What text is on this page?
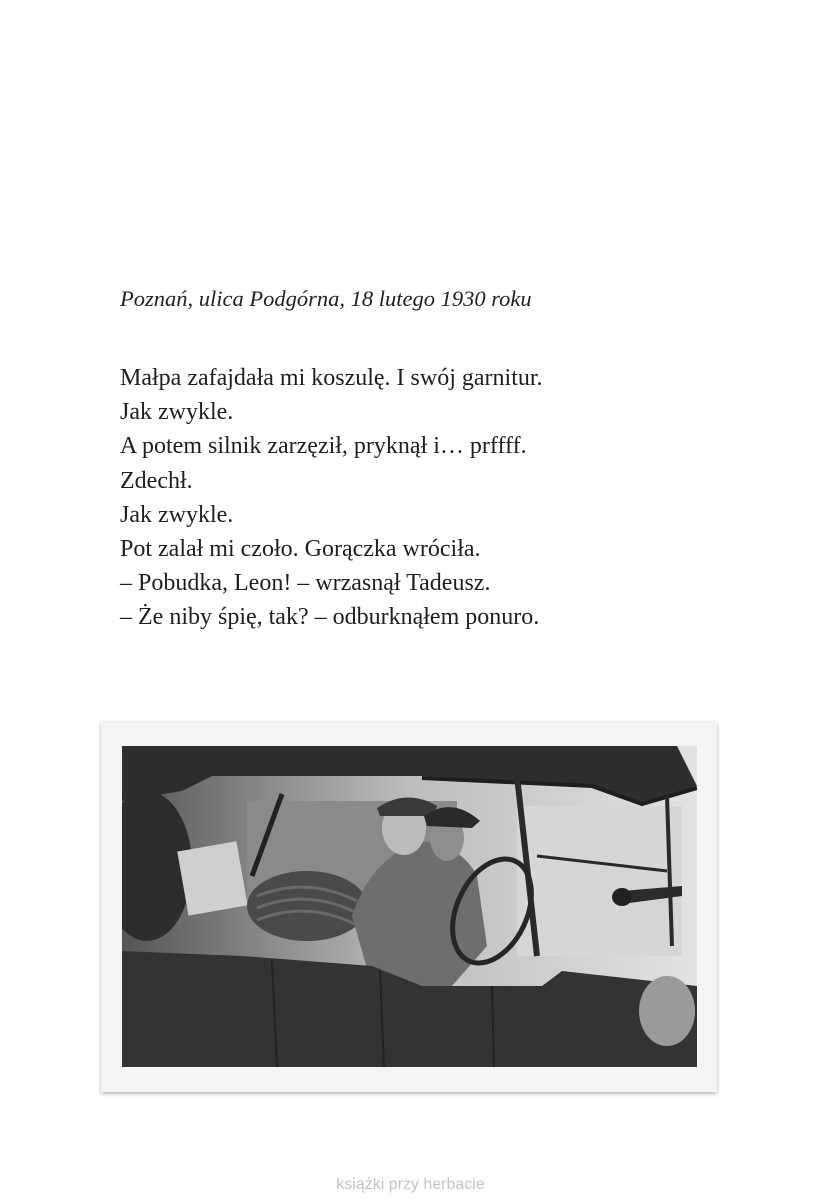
Poznań, ulica Podgórna, 18 lutego 1930 roku
Małpa zafajdała mi koszulę. I swój garnitur.
Jak zwykle.
A potem silnik zarzęził, pryknął i… prffff.
Zdechł.
Jak zwykle.
Pot zalał mi czoło. Gorączka wróciła.
– Pobudka, Leon! – wrzasnął Tadeusz.
– Że niby śpię, tak? – odburknąłem ponuro.
książki przy herbacie
